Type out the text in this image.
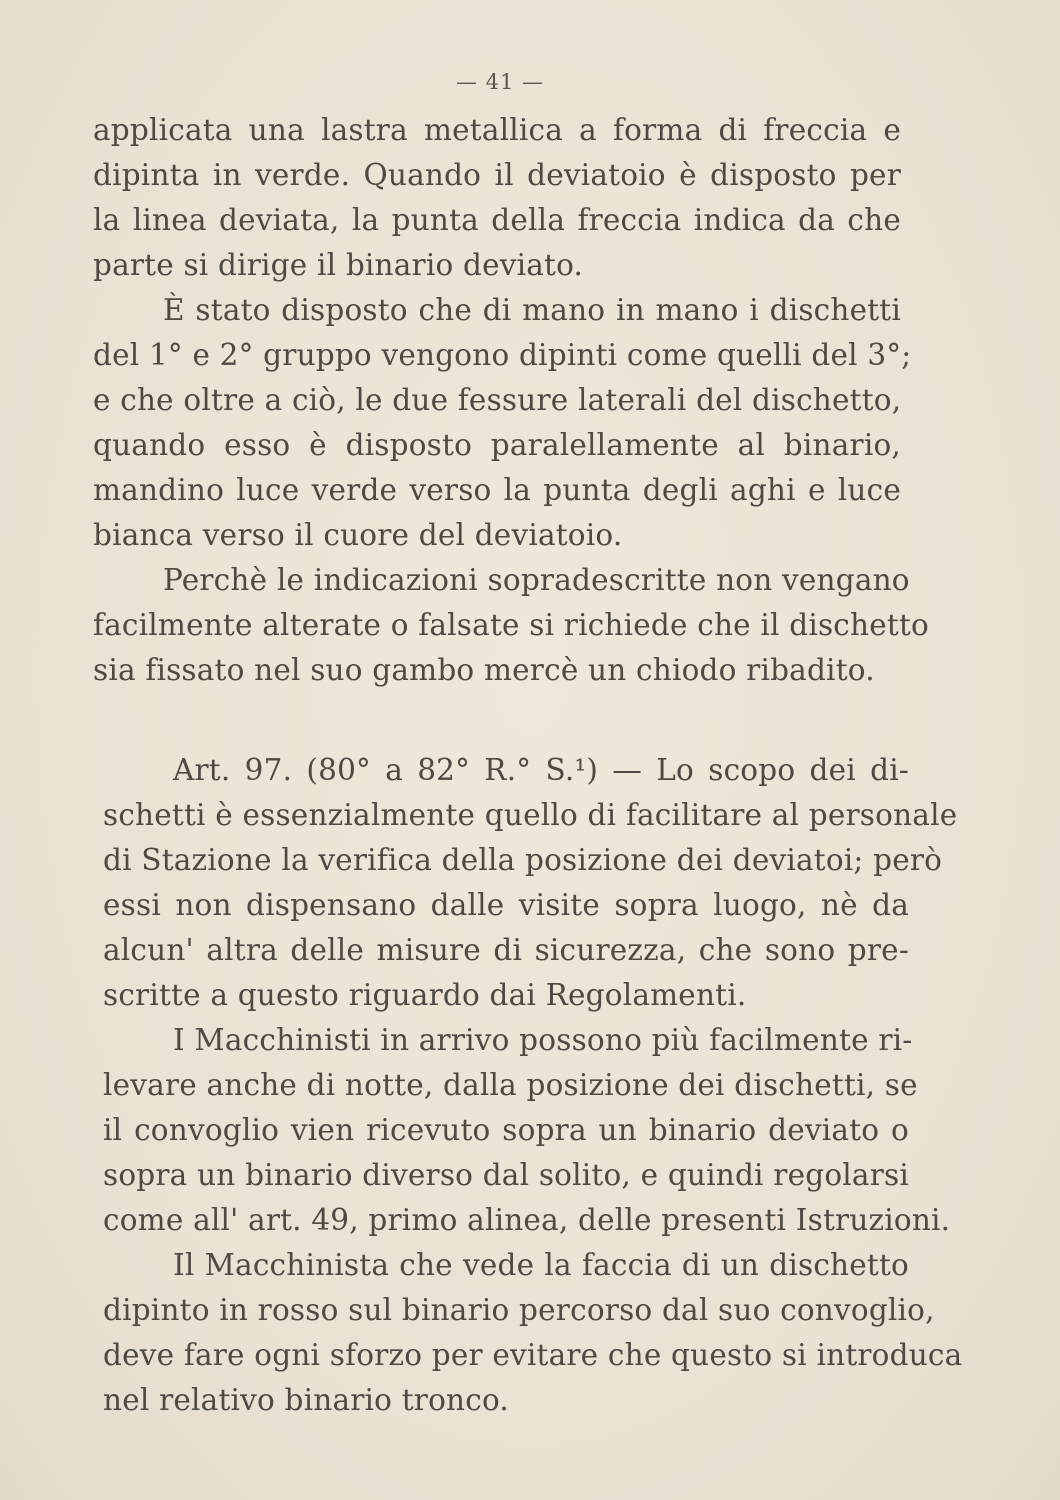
— 41 —
applicata una lastra metallica a forma di freccia e
dipinta in verde. Quando il deviatoio è disposto per
la linea deviata, la punta della freccia indica da che
parte si dirige il binario deviato.
È stato disposto che di mano in mano i dischetti
del 1° e 2° gruppo vengono dipinti come quelli del 3°;
e che oltre a ciò, le due fessure laterali del dischetto,
quando esso è disposto paralellamente al binario,
mandino luce verde verso la punta degli aghi e luce
bianca verso il cuore del deviatoio.
Perchè le indicazioni sopradescritte non vengano
facilmente alterate o falsate si richiede che il dischetto
sia fissato nel suo gambo mercè un chiodo ribadito.
Art. 97. (80° a 82° R.° S.¹) — Lo scopo dei di-
schetti è essenzialmente quello di facilitare al personale
di Stazione la verifica della posizione dei deviatoi; però
essi non dispensano dalle visite sopra luogo, nè da
alcun' altra delle misure di sicurezza, che sono pre-
scritte a questo riguardo dai Regolamenti.
I Macchinisti in arrivo possono più facilmente ri-
levare anche di notte, dalla posizione dei dischetti, se
il convoglio vien ricevuto sopra un binario deviato o
sopra un binario diverso dal solito, e quindi regolarsi
come all' art. 49, primo alinea, delle presenti Istruzioni.
Il Macchinista che vede la faccia di un dischetto
dipinto in rosso sul binario percorso dal suo convoglio,
deve fare ogni sforzo per evitare che questo si introduca
nel relativo binario tronco.
